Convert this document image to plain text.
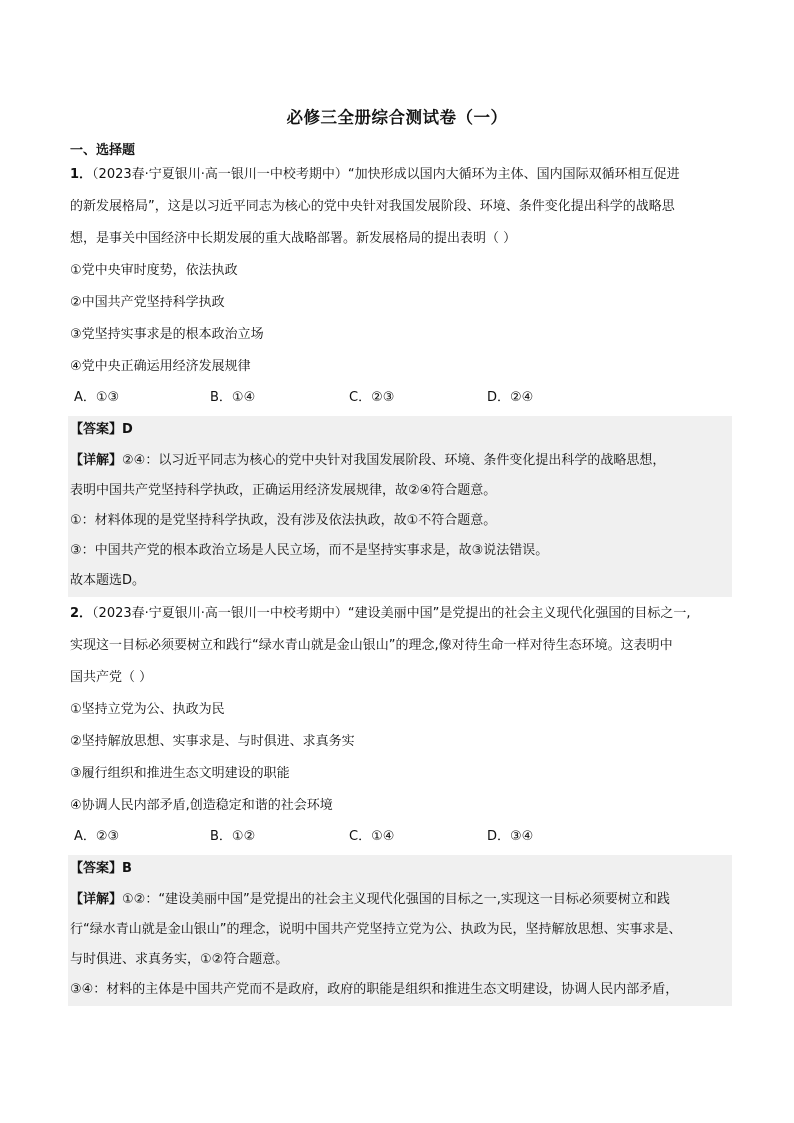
必修三全册综合测试卷（一）
一、选择题
1．（2023春·宁夏银川·高一银川一中校考期中）“加快形成以国内大循环为主体、国内国际双循环相互促进
的新发展格局”，这是以习近平同志为核心的党中央针对我国发展阶段、环境、条件变化提出科学的战略思
想，是事关中国经济中长期发展的重大战略部署。新发展格局的提出表明（ ）
①党中央审时度势，依法执政
②中国共产党坚持科学执政
③党坚持实事求是的根本政治立场
④党中央正确运用经济发展规律
A．①③	B．①④	C．②③	D．②④
【答案】D
【详解】②④：以习近平同志为核心的党中央针对我国发展阶段、环境、条件变化提出科学的战略思想，
表明中国共产党坚持科学执政，正确运用经济发展规律，故②④符合题意。
①：材料体现的是党坚持科学执政，没有涉及依法执政，故①不符合题意。
③：中国共产党的根本政治立场是人民立场，而不是坚持实事求是，故③说法错误。
故本题选D。
2．（2023春·宁夏银川·高一银川一中校考期中）“建设美丽中国”是党提出的社会主义现代化强国的目标之一,
实现这一目标必须要树立和践行“绿水青山就是金山银山”的理念,像对待生命一样对待生态环境。这表明中
国共产党（ ）
①坚持立党为公、执政为民
②坚持解放思想、实事求是、与时俱进、求真务实
③履行组织和推进生态文明建设的职能
④协调人民内部矛盾,创造稳定和谐的社会环境
A．②③	B．①②	C．①④	D．③④
【答案】B
【详解】①②：“建设美丽中国”是党提出的社会主义现代化强国的目标之一,实现这一目标必须要树立和践
行“绿水青山就是金山银山”的理念，说明中国共产党坚持立党为公、执政为民，坚持解放思想、实事求是、
与时俱进、求真务实，①②符合题意。
③④：材料的主体是中国共产党而不是政府，政府的职能是组织和推进生态文明建设，协调人民内部矛盾，
